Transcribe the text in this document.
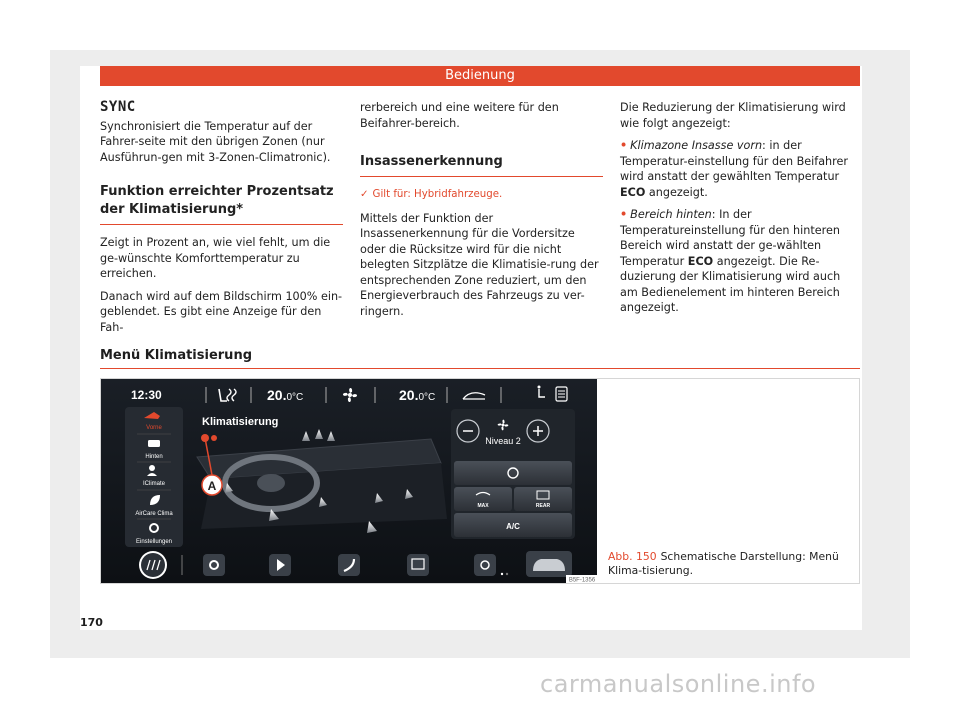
Bedienung
SYNC

Synchronisiert die Temperatur auf der Fahrer-seite mit den übrigen Zonen (nur Ausführun-gen mit 3-Zonen-Climatronic).

Funktion erreichter Prozentsatz der Klimatisierung*

Zeigt in Prozent an, wie viel fehlt, um die ge-wünschte Komforttemperatur zu erreichen.

Danach wird auf dem Bildschirm 100% ein-geblendet. Es gibt eine Anzeige für den Fah-

rerbereich und eine weitere für den Beifahrer-bereich.

Insassenerkennung
✓ Gilt für: Hybridfahrzeuge.

Mittels der Funktion der Insassenerkennung für die Vordersitze oder die Rücksitze wird für die nicht belegten Sitzplätze die Klimatisie-rung der entsprechenden Zone reduziert, um den Energieverbrauch des Fahrzeugs zu ver-ringern.

Die Reduzierung der Klimatisierung wird wie folgt angezeigt:

• Klimazone Insasse vorn: in der Temperatur-einstellung für den Beifahrer wird anstatt der gewählten Temperatur ECO angezeigt.

• Bereich hinten: In der Temperatureinstellung für den hinteren Bereich wird anstatt der ge-wählten Temperatur ECO angezeigt. Die Re-duzierung der Klimatisierung wird auch am Bedienelement im hinteren Bereich angezeigt.

Menü Klimatisierung
12:30	20.0°C	20.0°C
Vorne
Hinten
IClimate
AirCare Clima
Einstellungen
Klimatisierung
A
Niveau 2
MAX	REAR
A/C
B5F-1356
Abb. 150 Schematische Darstellung: Menü Klima-tisierung.
170
carmanualsonline.info
